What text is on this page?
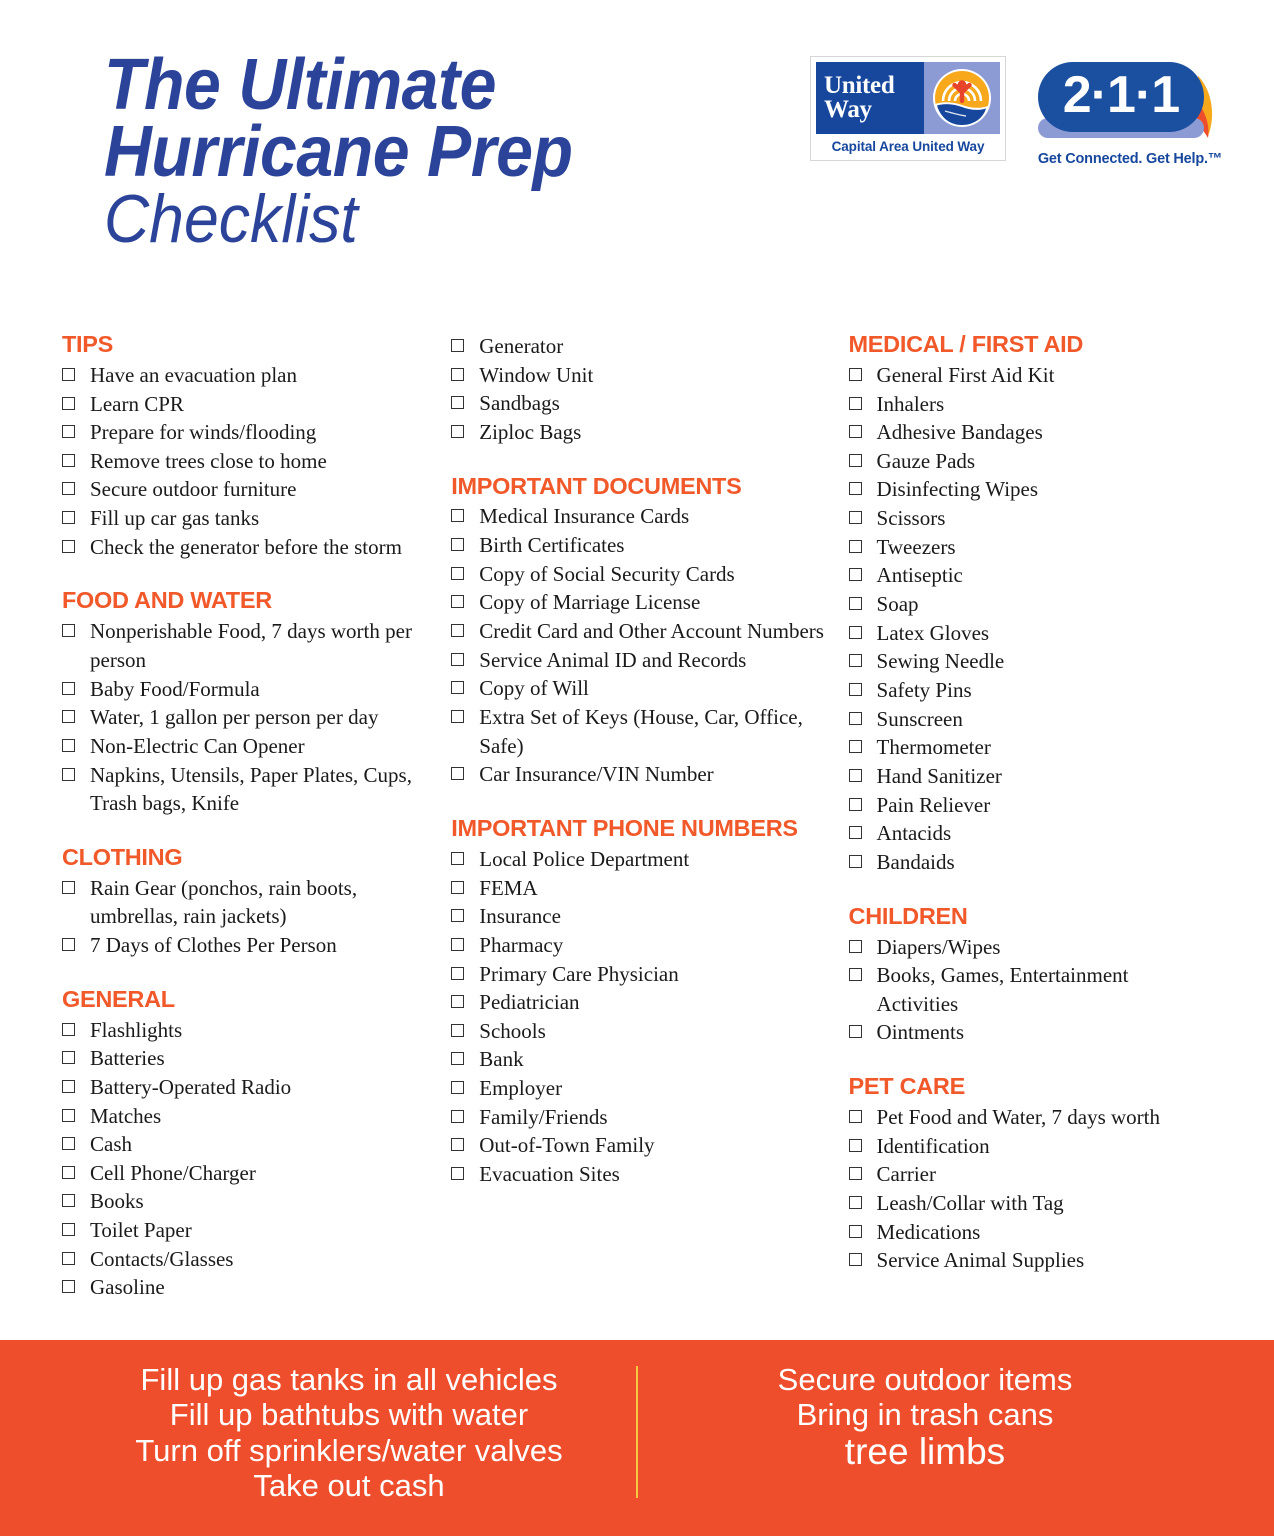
The Ultimate
Hurricane Prep
Checklist
United
Way
Capital Area United Way
2·1·1
Get Connected. Get Help.™
TIPS
Have an evacuation plan
Learn CPR
Prepare for winds/flooding
Remove trees close to home
Secure outdoor furniture
Fill up car gas tanks
Check the generator before the storm
FOOD AND WATER
Nonperishable Food, 7 days worth per person
Baby Food/Formula
Water, 1 gallon per person per day
Non-Electric Can Opener
Napkins, Utensils, Paper Plates, Cups, Trash bags, Knife
CLOTHING
Rain Gear (ponchos, rain boots, umbrellas, rain jackets)
7 Days of Clothes Per Person
GENERAL
Flashlights
Batteries
Battery-Operated Radio
Matches
Cash
Cell Phone/Charger
Books
Toilet Paper
Contacts/Glasses
Gasoline
Generator
Window Unit
Sandbags
Ziploc Bags
IMPORTANT DOCUMENTS
Medical Insurance Cards
Birth Certificates
Copy of Social Security Cards
Copy of Marriage License
Credit Card and Other Account Numbers
Service Animal ID and Records
Copy of Will
Extra Set of Keys (House, Car, Office, Safe)
Car Insurance/VIN Number
IMPORTANT PHONE NUMBERS
Local Police Department
FEMA
Insurance
Pharmacy
Primary Care Physician
Pediatrician
Schools
Bank
Employer
Family/Friends
Out-of-Town Family
Evacuation Sites
MEDICAL / FIRST AID
General First Aid Kit
Inhalers
Adhesive Bandages
Gauze Pads
Disinfecting Wipes
Scissors
Tweezers
Antiseptic
Soap
Latex Gloves
Sewing Needle
Safety Pins
Sunscreen
Thermometer
Hand Sanitizer
Pain Reliever
Antacids
Bandaids
CHILDREN
Diapers/Wipes
Books, Games, Entertainment Activities
Ointments
PET CARE
Pet Food and Water, 7 days worth
Identification
Carrier
Leash/Collar with Tag
Medications
Service Animal Supplies
Fill up gas tanks in all vehicles
Fill up bathtubs with water
Turn off sprinklers/water valves
Take out cash
Secure outdoor items
Bring in trash cans
tree limbs
